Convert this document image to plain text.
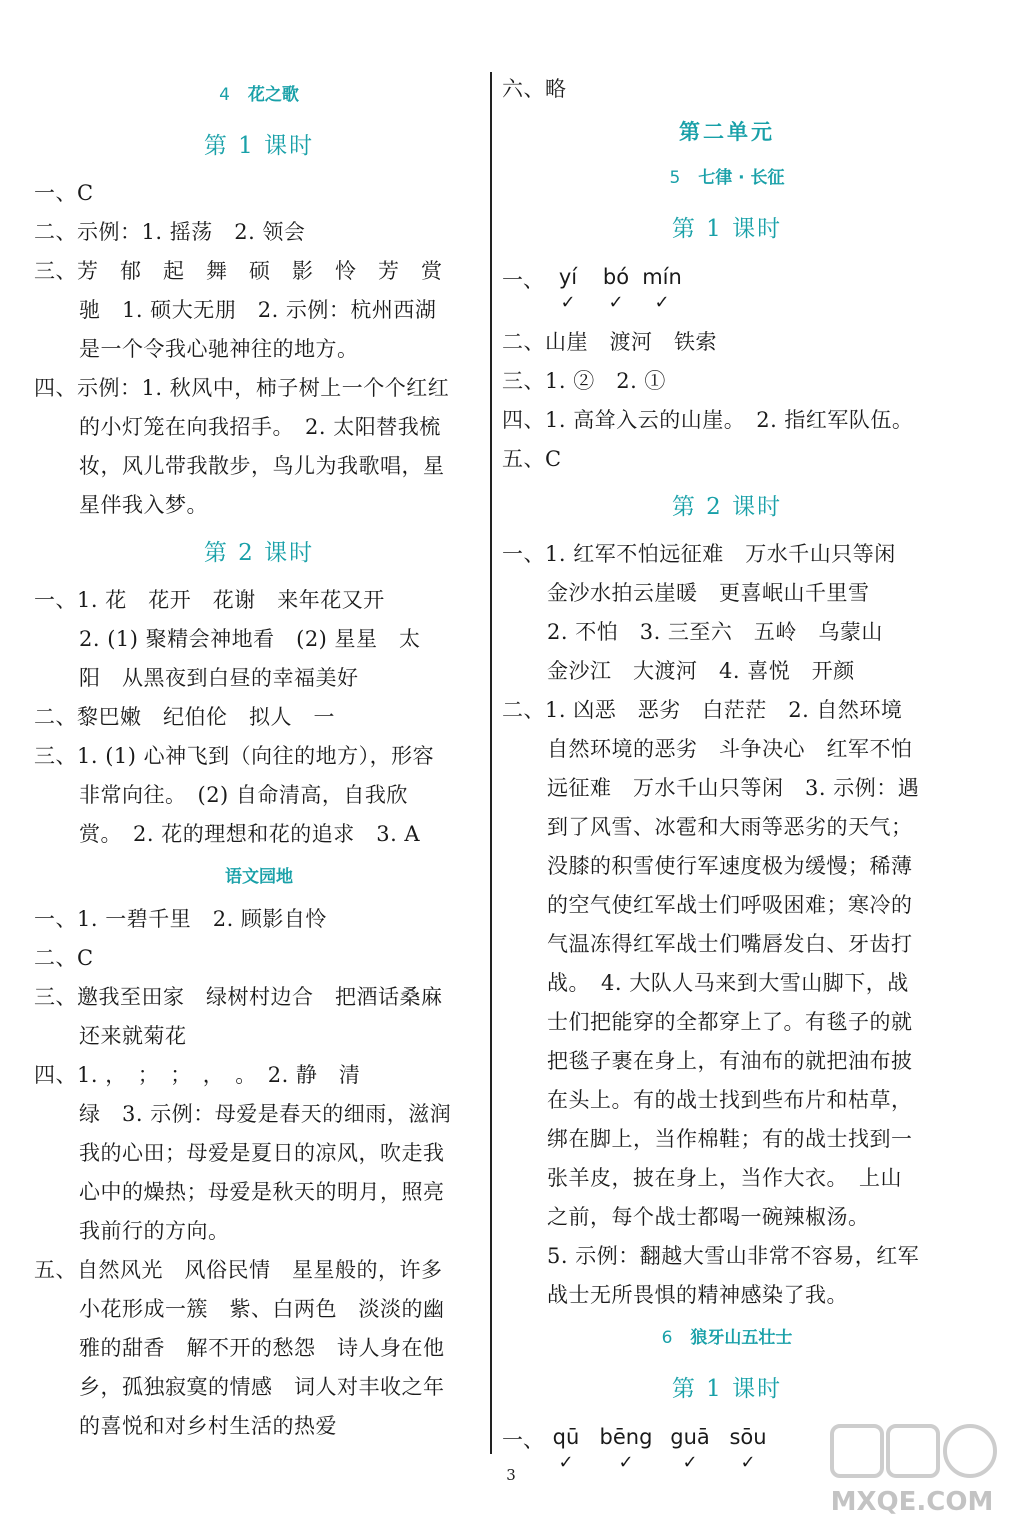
4 花之歌
第 1 课时
一、C
二、示例：1. 摇荡　2. 领会
三、芳　郁　起　舞　硕　影　怜　芳　赏
驰　1. 硕大无朋　2. 示例：杭州西湖
是一个令我心驰神往的地方。
四、示例：1. 秋风中，柿子树上一个个红红
的小灯笼在向我招手。　2. 太阳替我梳
妆，风儿带我散步，鸟儿为我歌唱，星
星伴我入梦。
第 2 课时
一、1. 花　花开　花谢　来年花又开
2. (1) 聚精会神地看　(2) 星星　太
阳　从黑夜到白昼的幸福美好
二、黎巴嫩　纪伯伦　拟人　一
三、1. (1) 心神飞到（向往的地方），形容
非常向往。　(2) 自命清高，自我欣
赏。　2. 花的理想和花的追求　3. A
语文园地
一、1. 一碧千里　2. 顾影自怜
二、C
三、邀我至田家　绿树村边合　把酒话桑麻
还来就菊花
四、1. ，　；　；　，　。　2. 静　清
绿　3. 示例：母爱是春天的细雨，滋润
我的心田；母爱是夏日的凉风，吹走我
心中的燥热；母爱是秋天的明月，照亮
我前行的方向。
五、自然风光　风俗民情　星星般的，许多
小花形成一簇　紫、白两色　淡淡的幽
雅的甜香　解不开的愁怨　诗人身在他
乡，孤独寂寞的情感　词人对丰收之年
的喜悦和对乡村生活的热爱
六、略
第二单元
5 七律 · 长征
第 1 课时
一、 yí
✓
bó
✓
mín
✓
二、山崖　渡河　铁索
三、1. ②　2. ①
四、1. 高耸入云的山崖。　2. 指红军队伍。
五、C
第 2 课时
一、1. 红军不怕远征难　万水千山只等闲
金沙水拍云崖暖　更喜岷山千里雪
2. 不怕　3. 三至六　五岭　乌蒙山
金沙江　大渡河　4. 喜悦　开颜
二、1. 凶恶　恶劣　白茫茫　2. 自然环境
自然环境的恶劣　斗争决心　红军不怕
远征难　万水千山只等闲　3. 示例：遇
到了风雪、冰雹和大雨等恶劣的天气；
没膝的积雪使行军速度极为缓慢；稀薄
的空气使红军战士们呼吸困难；寒冷的
气温冻得红军战士们嘴唇发白、牙齿打
战。　4. 大队人马来到大雪山脚下，战
士们把能穿的全都穿上了。有毯子的就
把毯子裹在身上，有油布的就把油布披
在头上。有的战士找到些布片和枯草，
绑在脚上，当作棉鞋；有的战士找到一
张羊皮，披在身上，当作大衣。　上山
之前，每个战士都喝一碗辣椒汤。
5. 示例：翻越大雪山非常不容易，红军
战士无所畏惧的精神感染了我。
6 狼牙山五壮士
第 1 课时
一、 qū
✓
bēng
✓
guā
✓
sōu
✓
3
MXQE.COM
